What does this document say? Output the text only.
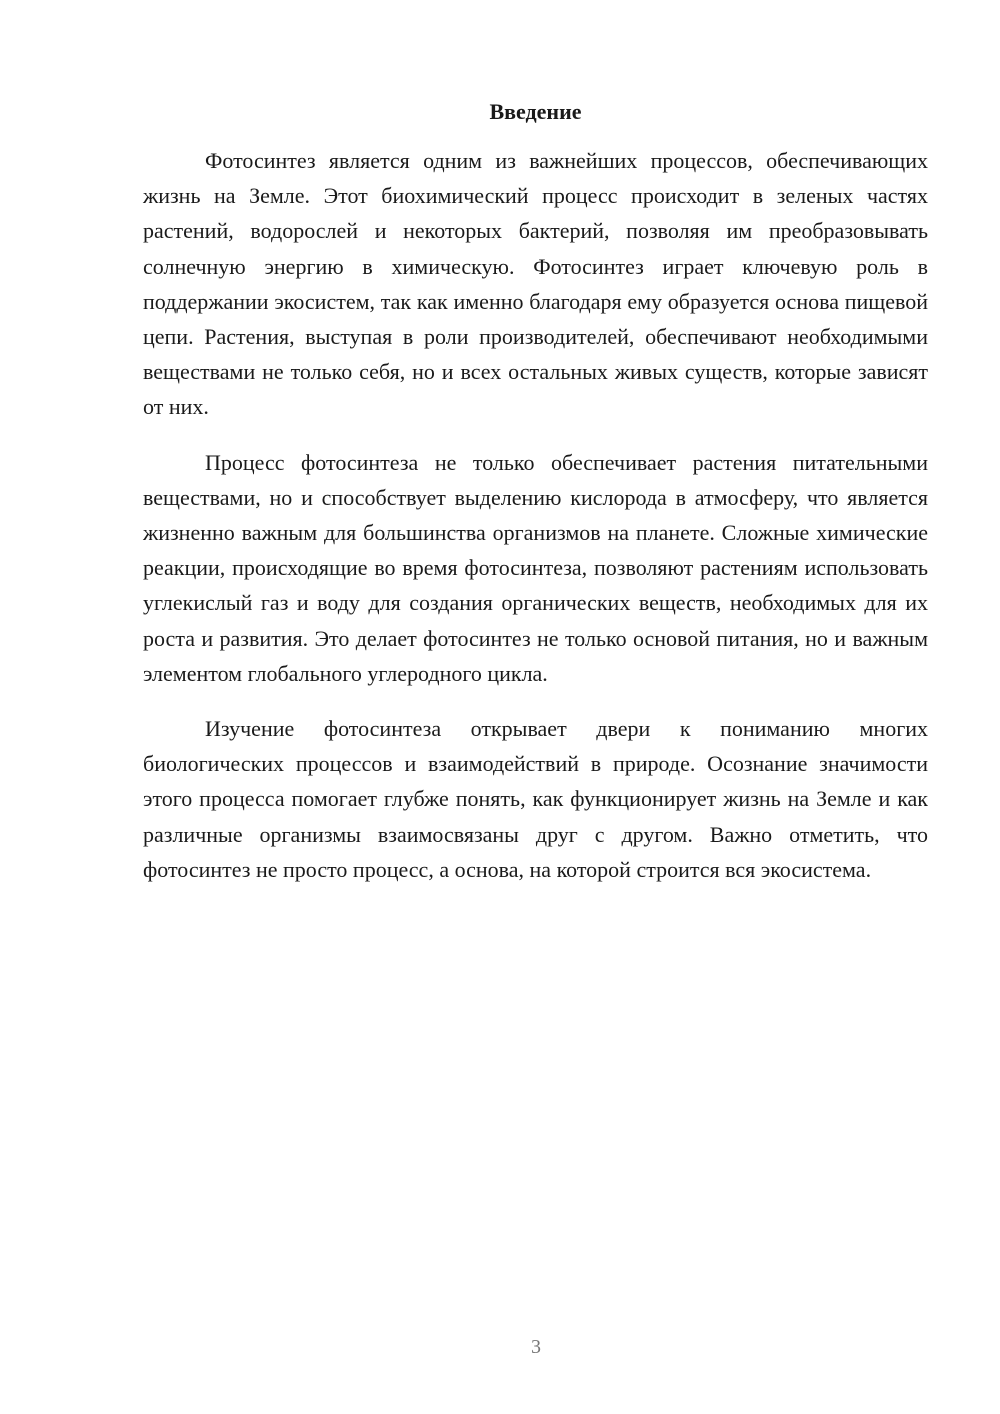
Введение

Фотосинтез является одним из важнейших процессов, обеспечивающих жизнь на Земле. Этот биохимический процесс происходит в зеленых частях растений, водорослей и некоторых бактерий, позволяя им преобразовывать солнечную энергию в химическую. Фотосинтез играет ключевую роль в поддержании экосистем, так как именно благодаря ему образуется основа пищевой цепи. Растения, выступая в роли производителей, обеспечивают необходимыми веществами не только себя, но и всех остальных живых существ, которые зависят от них.

Процесс фотосинтеза не только обеспечивает растения питательными веществами, но и способствует выделению кислорода в атмосферу, что является жизненно важным для большинства организмов на планете. Сложные химические реакции, происходящие во время фотосинтеза, позволяют растениям использовать углекислый газ и воду для создания органических веществ, необходимых для их роста и развития. Это делает фотосинтез не только основой питания, но и важным элементом глобального углеродного цикла.

Изучение фотосинтеза открывает двери к пониманию многих биологических процессов и взаимодействий в природе. Осознание значимости этого процесса помогает глубже понять, как функционирует жизнь на Земле и как различные организмы взаимосвязаны друг с другом. Важно отметить, что фотосинтез не просто процесс, а основа, на которой строится вся экосистема.

3
